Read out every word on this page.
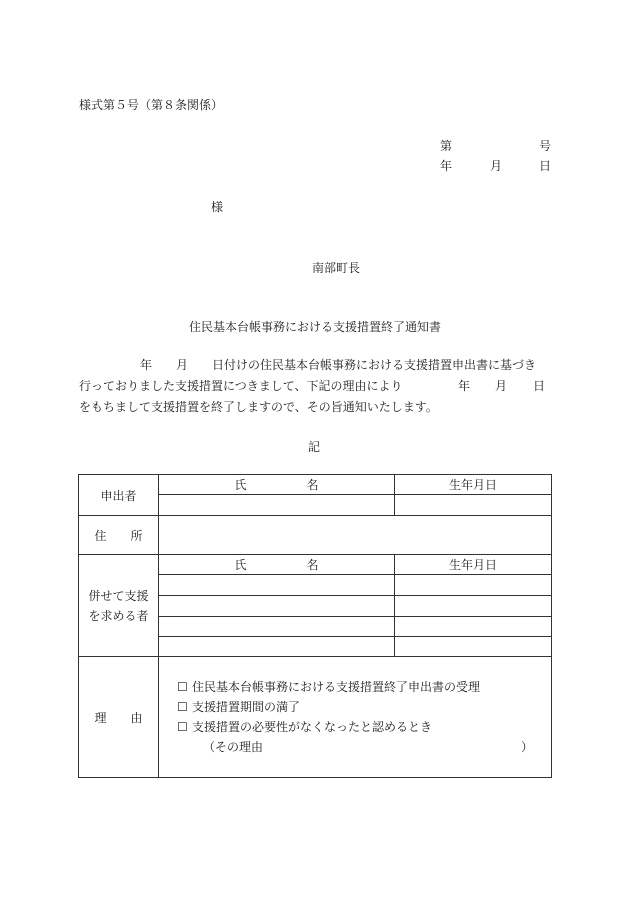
様式第５号（第８条関係）
第	号
年	月	日
様
南部町長
住民基本台帳事務における支援措置終了通知書
年 月 日付けの住民基本台帳事務における支援措置申出書に基づき
行っておりました支援措置につきまして、下記の理由により	年 月 日
をもちまして支援措置を終了しますので、その旨通知いたします。
記
申出者	氏　　　　　名	生年月日

住　　所		

併せて支援
を求める者	氏　　　　　名	生年月日

理　　由	☐ 住民基本台帳事務における支援措置終了申出書の受理
☐ 支援措置期間の満了
☐ 支援措置の必要性がなくなったと認めるとき
（その理由 ）	
